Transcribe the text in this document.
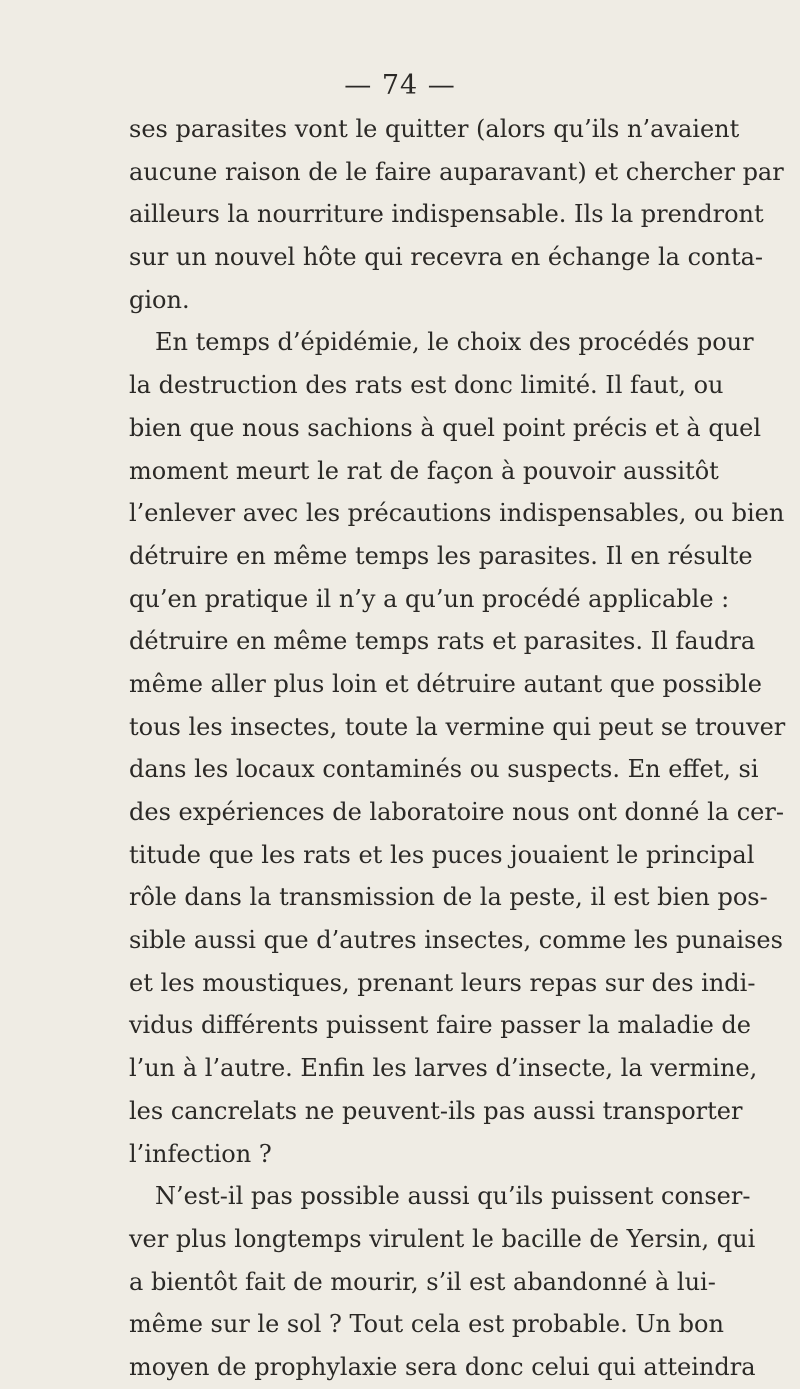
— 74 —
ses parasites vont le quitter (alors qu’ils n’avaient
aucune raison de le faire auparavant) et chercher par
ailleurs la nourriture indispensable. Ils la prendront
sur un nouvel hôte qui recevra en échange la conta-
gion.
En temps d’épidémie, le choix des procédés pour
la destruction des rats est donc limité. Il faut, ou
bien que nous sachions à quel point précis et à quel
moment meurt le rat de façon à pouvoir aussitôt
l’enlever avec les précautions indispensables, ou bien
détruire en même temps les parasites. Il en résulte
qu’en pratique il n’y a qu’un procédé applicable :
détruire en même temps rats et parasites. Il faudra
même aller plus loin et détruire autant que possible
tous les insectes, toute la vermine qui peut se trouver
dans les locaux contaminés ou suspects. En effet, si
des expériences de laboratoire nous ont donné la cer-
titude que les rats et les puces jouaient le principal
rôle dans la transmission de la peste, il est bien pos-
sible aussi que d’autres insectes, comme les punaises
et les moustiques, prenant leurs repas sur des indi-
vidus différents puissent faire passer la maladie de
l’un à l’autre. Enfin les larves d’insecte, la vermine,
les cancrelats ne peuvent-ils pas aussi transporter
l’infection ?
N’est-il pas possible aussi qu’ils puissent conser-
ver plus longtemps virulent le bacille de Yersin, qui
a bientôt fait de mourir, s’il est abandonné à lui-
même sur le sol ? Tout cela est probable. Un bon
moyen de prophylaxie sera donc celui qui atteindra
